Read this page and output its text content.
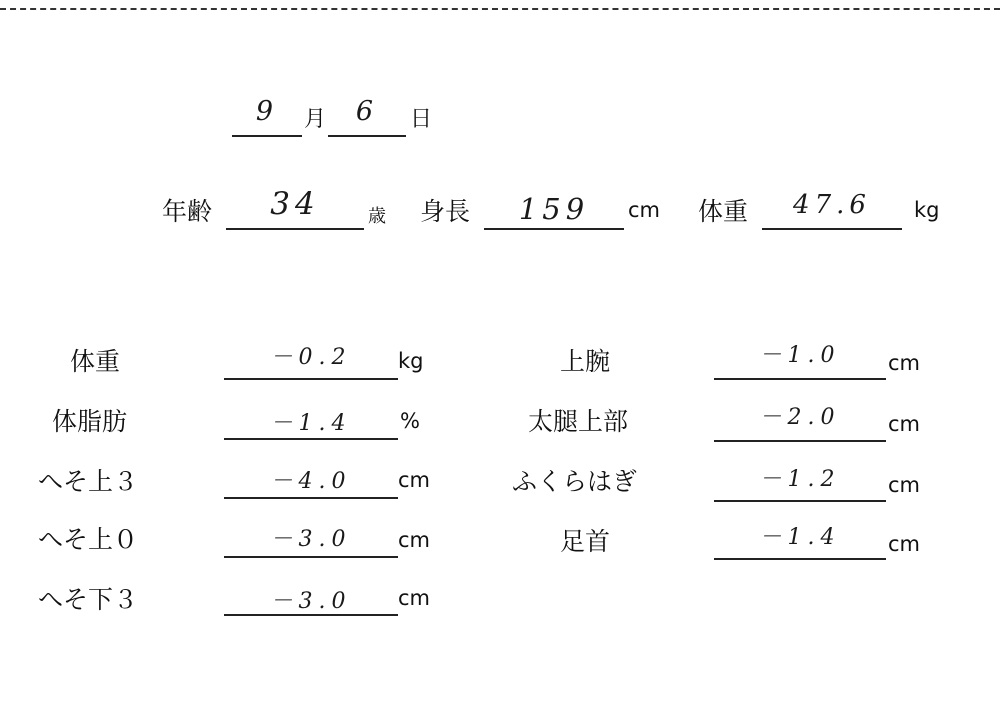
9	月	6	日
年齢	34	歳 身長	159	cm 体重	47.6	kg
体重	－0.2	kg
体脂肪	－1.4	%
へそ上３	－4.0	cm
へそ上０	－3.0	cm
へそ下３	－3.0	cm
上腕	－1.0	cm
太腿上部	－2.0	cm
ふくらはぎ	－1.2	cm
足首	－1.4	cm
